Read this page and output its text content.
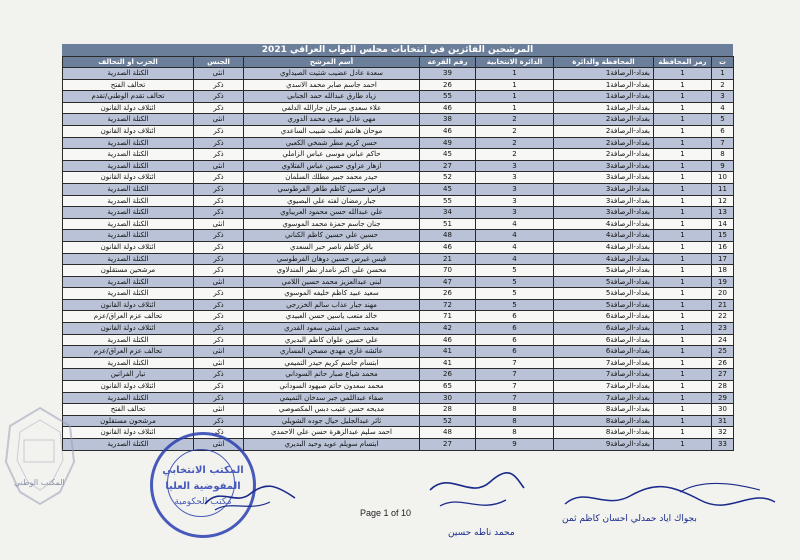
المرشحين الفائزين في انتخابات مجلس النواب العراقي 2021
ت	رمز المحافظة	المحافظة والدائرة	الدائرة الانتخابية	رقم القرعة	أسم المرشح	الجنس	الحزب او التحالف
1	1	بغداد-الرصافة1	1	39	سعدة عادل عضيب شتيت الصيداوي	انثى	الكتلة الصدرية
2	1	بغداد-الرصافة1	1	26	احمد جاسم صابر محمد الاسدي	ذكر	تحالف الفتح
3	1	بغداد-الرصافة1	1	55	زياد طارق عبدالله حمد الجنابي	ذكر	تحالف تقدم الوطني/تقدم
4	1	بغداد-الرصافة1	1	46	علاء سعدي سرحان جارالله الدلفي	ذكر	ائتلاف دولة القانون
5	1	بغداد-الرصافة2	2	38	مهى عادل مهدي محمد الدوري	انثى	الكتلة الصدرية
6	1	بغداد-الرصافة2	2	46	موحان هاشم ثعلب شبيب الساعدي	ذكر	ائتلاف دولة القانون
7	1	بغداد-الرصافة2	2	49	حسن كريم مطر شمخي الكعبي	ذكر	الكتلة الصدرية
8	1	بغداد-الرصافة2	2	45	حاكم عباس موسى عباس الزاملي	ذكر	الكتلة الصدرية
9	1	بغداد-الرصافة3	3	27	ازهار عزاوي حسين عباس الفتلاوي	انثى	الكتلة الصدرية
10	1	بغداد-الرصافة3	3	52	حيدر محمد جبير مطلك السلمان	ذكر	ائتلاف دولة القانون
11	1	بغداد-الرصافة3	3	45	فراس حسين كاظم طاهر الفرطوسي	ذكر	الكتلة الصدرية
12	1	بغداد-الرصافة3	3	55	جبار رمضان لفته علي البصيوي	ذكر	الكتلة الصدرية
13	1	بغداد-الرصافة3	3	34	علي عبدالله حسن محمود العريباوي	ذكر	الكتلة الصدرية
14	1	بغداد-الرصافة4	4	51	جنان جاسم حمزة محمد الموسوي	انثى	الكتلة الصدرية
15	1	بغداد-الرصافة4	4	48	حسين علي حسين كاظم الكناني	ذكر	الكتلة الصدرية
16	1	بغداد-الرصافة4	4	46	باقر كاظم ناصر حبر السعدي	ذكر	ائتلاف دولة القانون
17	1	بغداد-الرصافة4	4	21	قيس غيرس حسين دوهان الفرطوسي	ذكر	الكتلة الصدرية
18	1	بغداد-الرصافة5	5	70	محسن علي اكبر نامدار نظر المندلاوي	ذكر	مرشحين مستقلون
19	1	بغداد-الرصافة5	5	47	لبنى عبدالعزيز محمد حسين اللامي	انثى	الكتلة الصدرية
20	1	بغداد-الرصافة5	5	26	سعيد عبيد كاظم خليفه الموسوي	ذكر	الكتلة الصدرية
21	1	بغداد-الرصافة5	5	72	مهند جبار عذاب سالم الخزرجي	ذكر	ائتلاف دولة القانون
22	1	بغداد-الرصافة6	6	71	خالد متعب ياسين حسن العبيدي	ذكر	تحالف عزم العراق/عزم
23	1	بغداد-الرصافة6	6	42	محمد حسن امشي سعود القدري	ذكر	ائتلاف دولة القانون
24	1	بغداد-الرصافة6	6	46	علي حسين علوان كاظم البديري	ذكر	الكتلة الصدرية
25	1	بغداد-الرصافة6	6	41	عائشه غازي مهدي مصحن المساري	انثى	تحالف عزم العراق/عزم
26	1	بغداد-الرصافة7	7	41	ابتسام جاسم كريم حيدر التميمي	انثى	الكتلة الصدرية
27	1	بغداد-الرصافة7	7	26	محمد شياع صبار حاتم السوداني	ذكر	تيار الفراتين
28	1	بغداد-الرصافة7	7	65	محمد سعدون حاتم صيهود السوداني	ذكر	ائتلاف دولة القانون
29	1	بغداد-الرصافة7	7	30	صفاء عبداللمي جبر سدخان التميمي	ذكر	الكتلة الصدرية
30	1	بغداد-الرصافة8	8	28	مديحه حسن عتيب دبس المكصوصي	انثى	تحالف الفتح
31	1	بغداد-الرصافة8	8	52	ثائر عبدالجليل حيال جوده الشويلي	ذكر	مرشحون مستقلون
32	1	بغداد-الرصافة8	8	48	احمد سليم عبدالزهرة حسن علي الاحمدي	ذكر	ائتلاف دولة القانون
33	1	بغداد-الرصافة9	9	27	ابتسام سويلم عويد وحيد البديري	انثى	الكتلة الصدرية
Page 1 of 10
المكتب الانتخابي
المفوضية العليا
مكتب الحكومية
المكتب الوطني
محمد ناطه حسين
بجواك اياد حمدلي احسان كاظم ثمن
